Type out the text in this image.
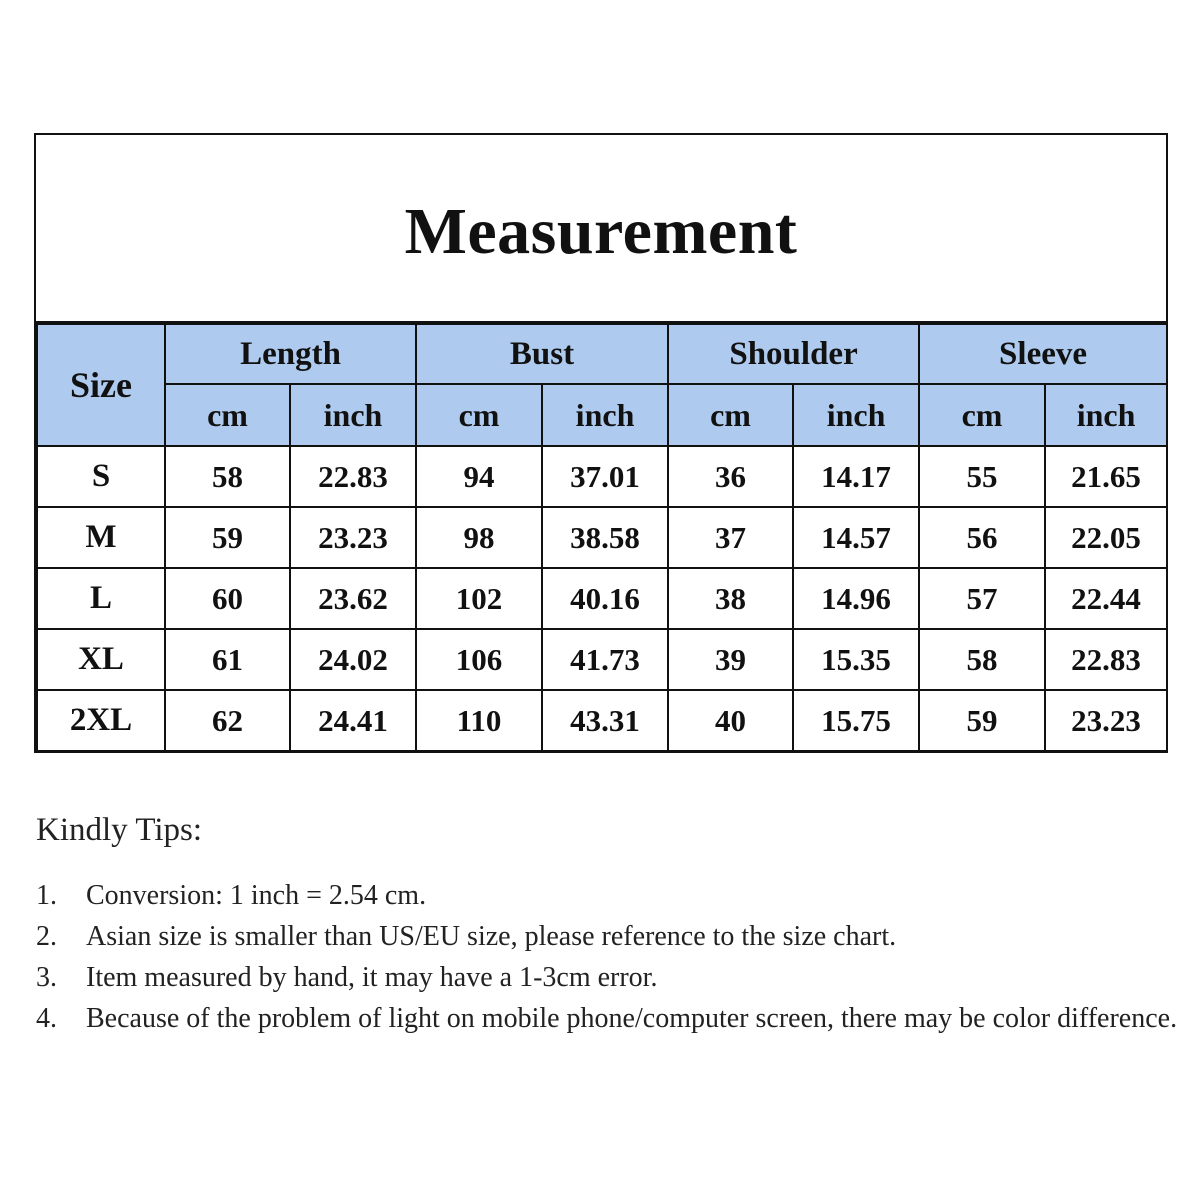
Measurement
Size	Length		Bust		Shoulder		Sleeve	
	cm	inch	cm	inch	cm	inch	cm	inch
S	58	22.83	94	37.01	36	14.17	55	21.65
M	59	23.23	98	38.58	37	14.57	56	22.05
L	60	23.62	102	40.16	38	14.96	57	22.44
XL	61	24.02	106	41.73	39	15.35	58	22.83
2XL	62	24.41	110	43.31	40	15.75	59	23.23
Kindly Tips:
1. Conversion: 1 inch = 2.54 cm.
2. Asian size is smaller than US/EU size, please reference to the size chart.
3. Item measured by hand, it may have a 1-3cm error.
4. Because of the problem of light on mobile phone/computer screen, there may be color difference.
